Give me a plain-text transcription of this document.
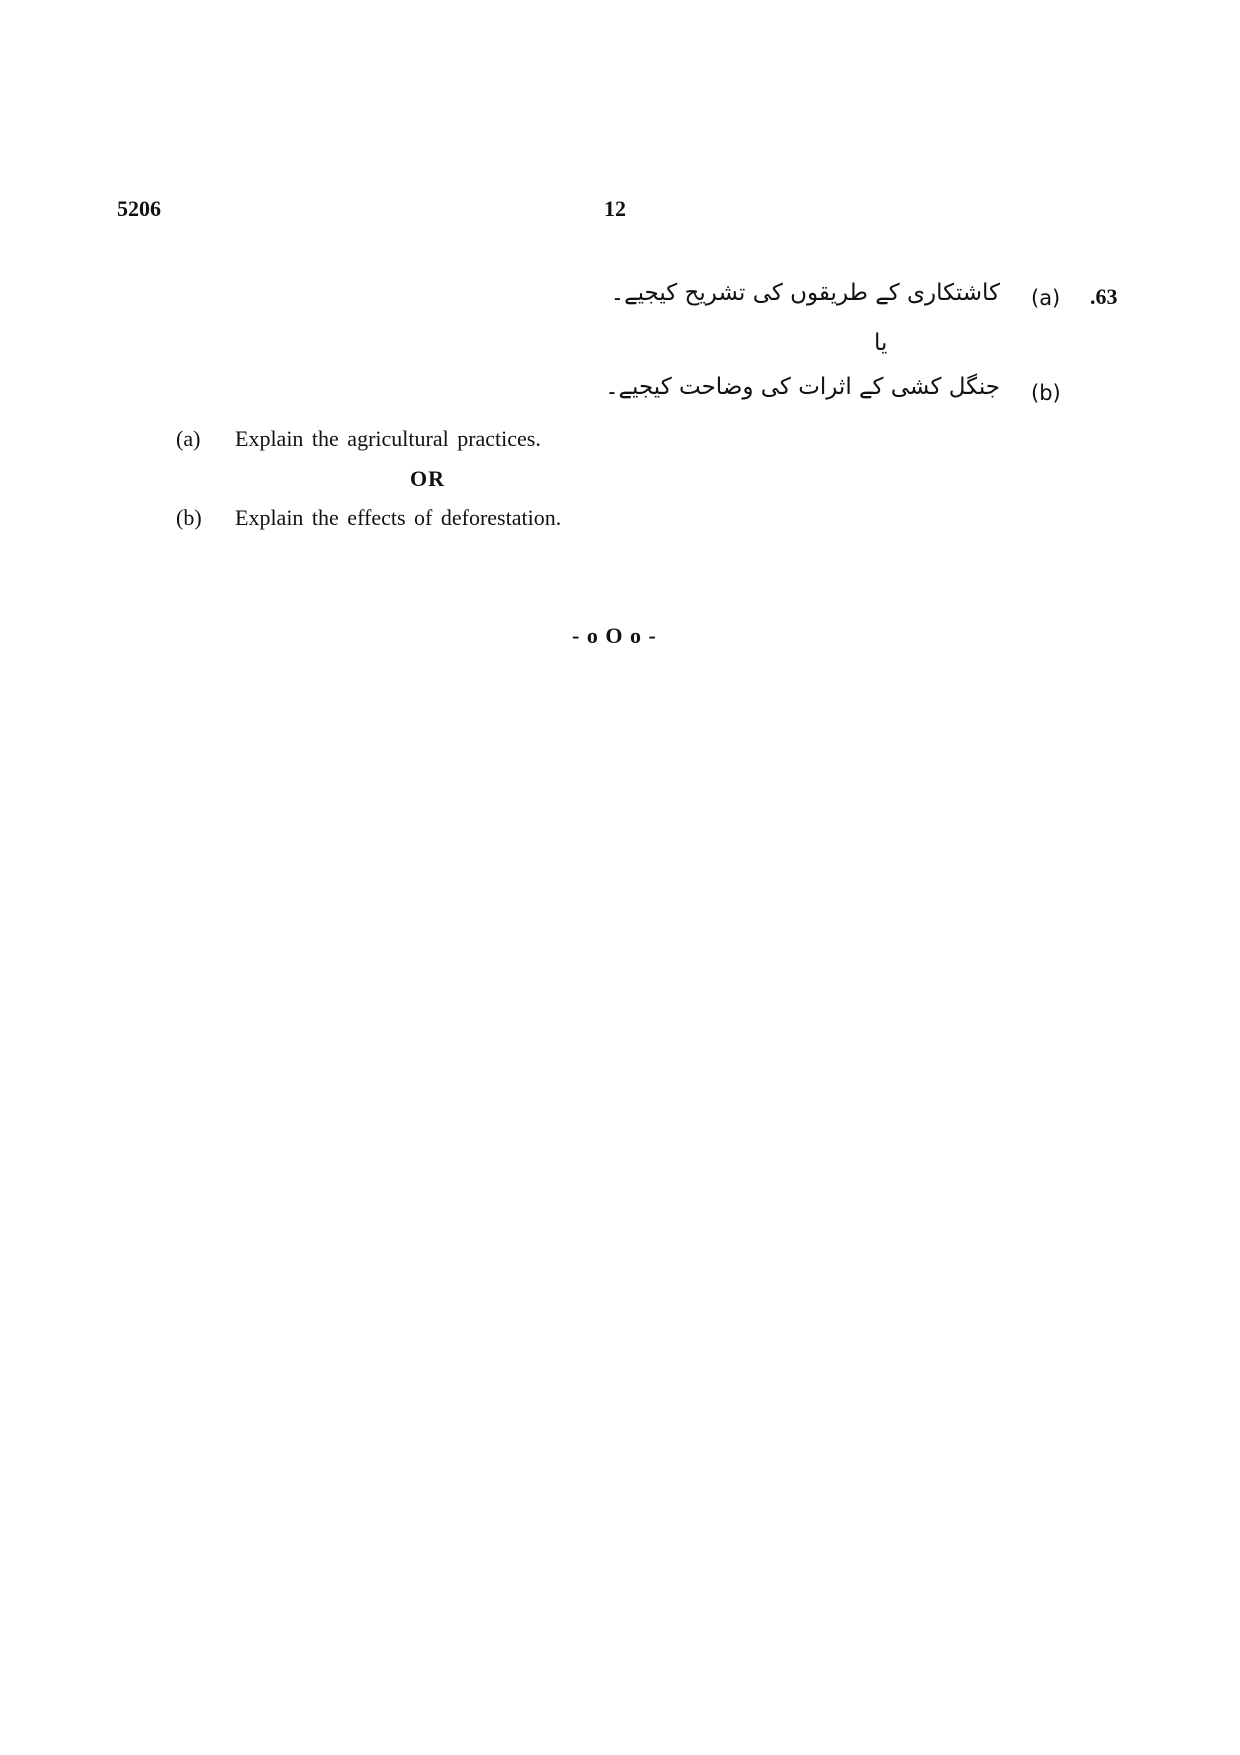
5206	12
.63
(a)
کاشتکاری کے طریقوں کی تشریح کیجیے۔
یا
(b)
جنگل کشی کے اثرات کی وضاحت کیجیے۔
(a) Explain the agricultural practices.
OR
(b) Explain the effects of deforestation.
- o O o -
